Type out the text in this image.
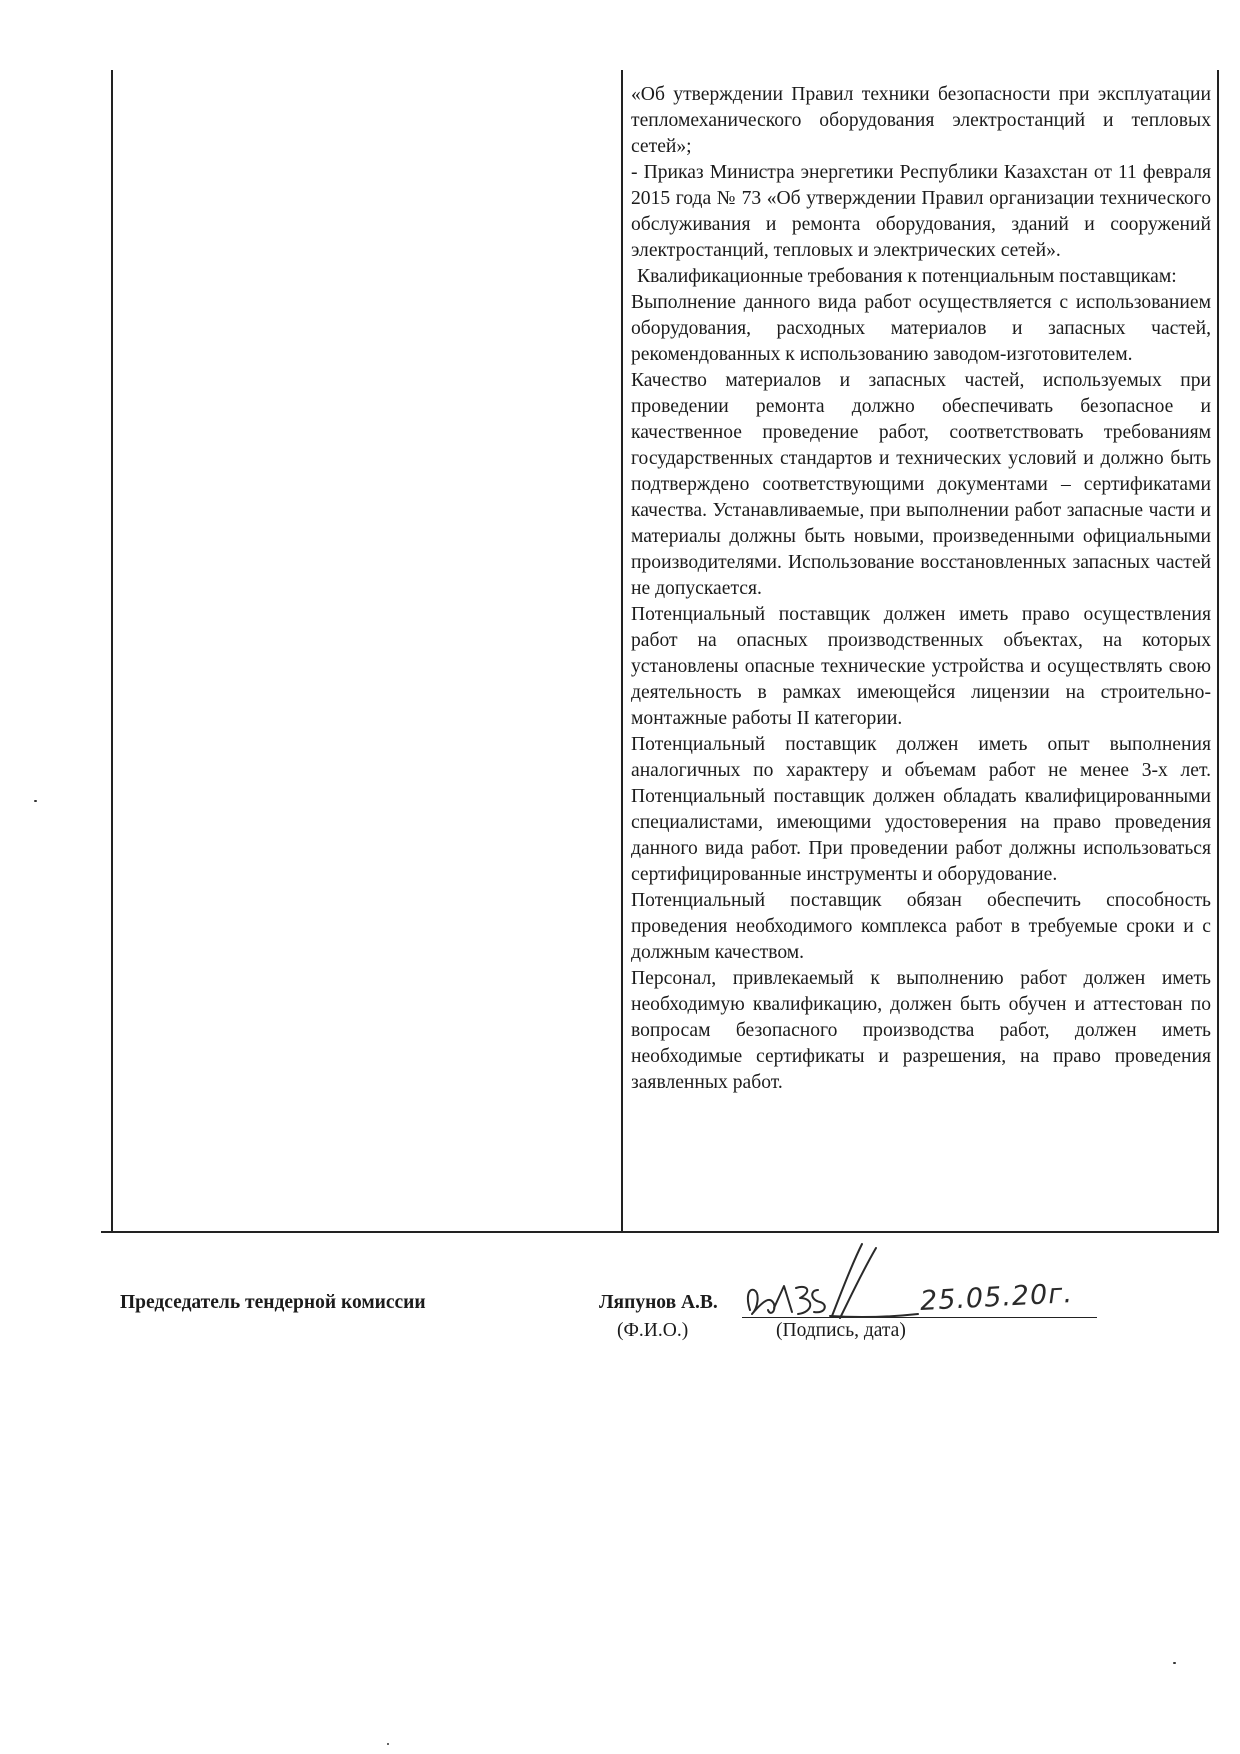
«Об утверждении Правил техники безопасности при эксплуатации тепломеханического оборудования электростанций и тепловых сетей»;

- Приказ Министра энергетики Республики Казахстан от 11 февраля 2015 года № 73 «Об утверждении Правил организации технического обслуживания и ремонта оборудования, зданий и сооружений электростанций, тепловых и электрических сетей».

Квалификационные требования к потенциальным поставщикам:

Выполнение данного вида работ осуществляется с использованием оборудования, расходных материалов и запасных частей, рекомендованных к использованию заводом-изготовителем.

Качество материалов и запасных частей, используемых при проведении ремонта должно обеспечивать безопасное и качественное проведение работ, соответствовать требованиям государственных стандартов и технических условий и должно быть подтверждено соответствующими документами – сертификатами качества. Устанавливаемые, при выполнении работ запасные части и материалы должны быть новыми, произведенными официальными производителями. Использование восстановленных запасных частей не допускается.

Потенциальный поставщик должен иметь право осуществления работ на опасных производственных объектах, на которых установлены опасные технические устройства и осуществлять свою деятельность в рамках имеющейся лицензии на строительно-монтажные работы II категории.

Потенциальный поставщик должен иметь опыт выполнения аналогичных по характеру и объемам работ не менее 3-х лет. Потенциальный поставщик должен обладать квалифицированными специалистами, имеющими удостоверения на право проведения данного вида работ. При проведении работ должны использоваться сертифицированные инструменты и оборудование.

Потенциальный поставщик обязан обеспечить способность проведения необходимого комплекса работ в требуемые сроки и с должным качеством.

Персонал, привлекаемый к выполнению работ должен иметь необходимую квалификацию, должен быть обучен и аттестован по вопросам безопасного производства работ, должен иметь необходимые сертификаты и разрешения, на право проведения заявленных работ.

Председатель тендерной комиссии	Ляпунов А.В.
(Ф.И.О.)	(Подпись, дата)
25.05.20г.
